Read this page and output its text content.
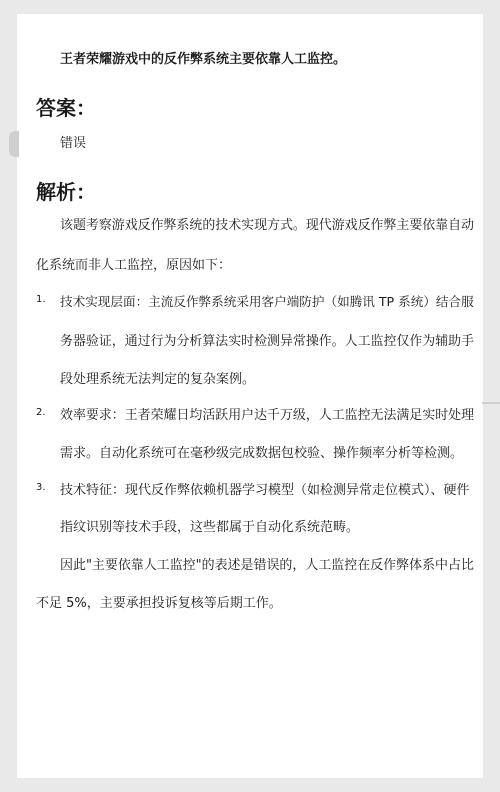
王者荣耀游戏中的反作弊系统主要依靠人工监控。
答案：
错误
解析：
该题考察游戏反作弊系统的技术实现方式。现代游戏反作弊主要依靠自动
化系统而非人工监控，原因如下：
1. 技术实现层面：主流反作弊系统采用客户端防护（如腾讯 TP 系统）结合服
务器验证，通过行为分析算法实时检测异常操作。人工监控仅作为辅助手
段处理系统无法判定的复杂案例。
2. 效率要求：王者荣耀日均活跃用户达千万级，人工监控无法满足实时处理
需求。自动化系统可在毫秒级完成数据包校验、操作频率分析等检测。
3. 技术特征：现代反作弊依赖机器学习模型（如检测异常走位模式）、硬件
指纹识别等技术手段，这些都属于自动化系统范畴。
因此"主要依靠人工监控"的表述是错误的，人工监控在反作弊体系中占比
不足 5%，主要承担投诉复核等后期工作。
